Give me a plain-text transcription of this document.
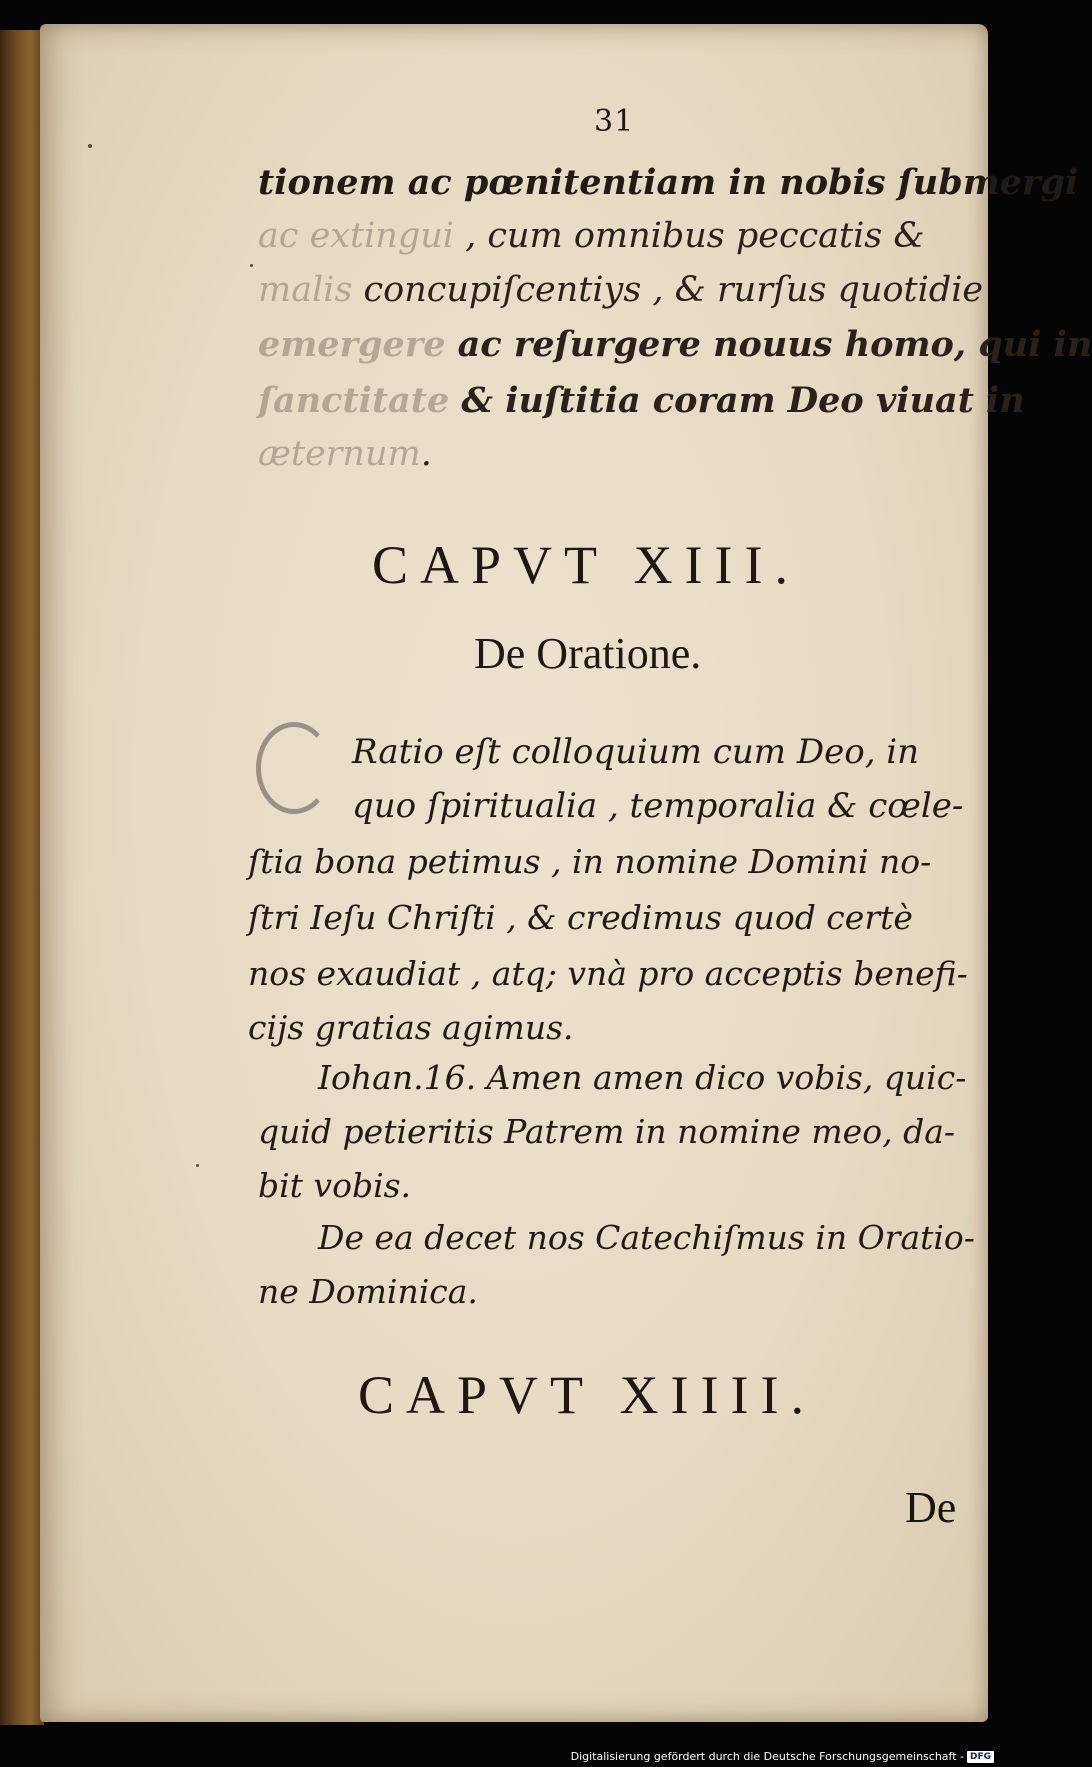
31
tionem ac pœnitentiam in nobis ſubmergi
ac extingui , cum omnibus peccatis &
malis concupiſcentiys , & rurſus quotidie
emergere ac reſurgere nouus homo, qui in
ſanctitate & iuſtitia coram Deo viuat in
æternum.
CAPVT XIII.
De Oratione.
Ratio eſt colloquium cum Deo, in
quo ſpiritualia , temporalia & cœle-
ſtia bona petimus , in nomine Domini no-
ſtri Ieſu Chriſti , & credimus quod certè
nos exaudiat , atq; vnà pro acceptis benefi-
cijs gratias agimus.
Iohan.16. Amen amen dico vobis, quic-
quid petieritis Patrem in nomine meo, da-
bit vobis.
De ea decet nos Catechiſmus in Oratio-
ne Dominica.
CAPVT XIIII.
De
Digitalisierung gefördert durch die Deutsche Forschungsgemeinschaft - DFG
